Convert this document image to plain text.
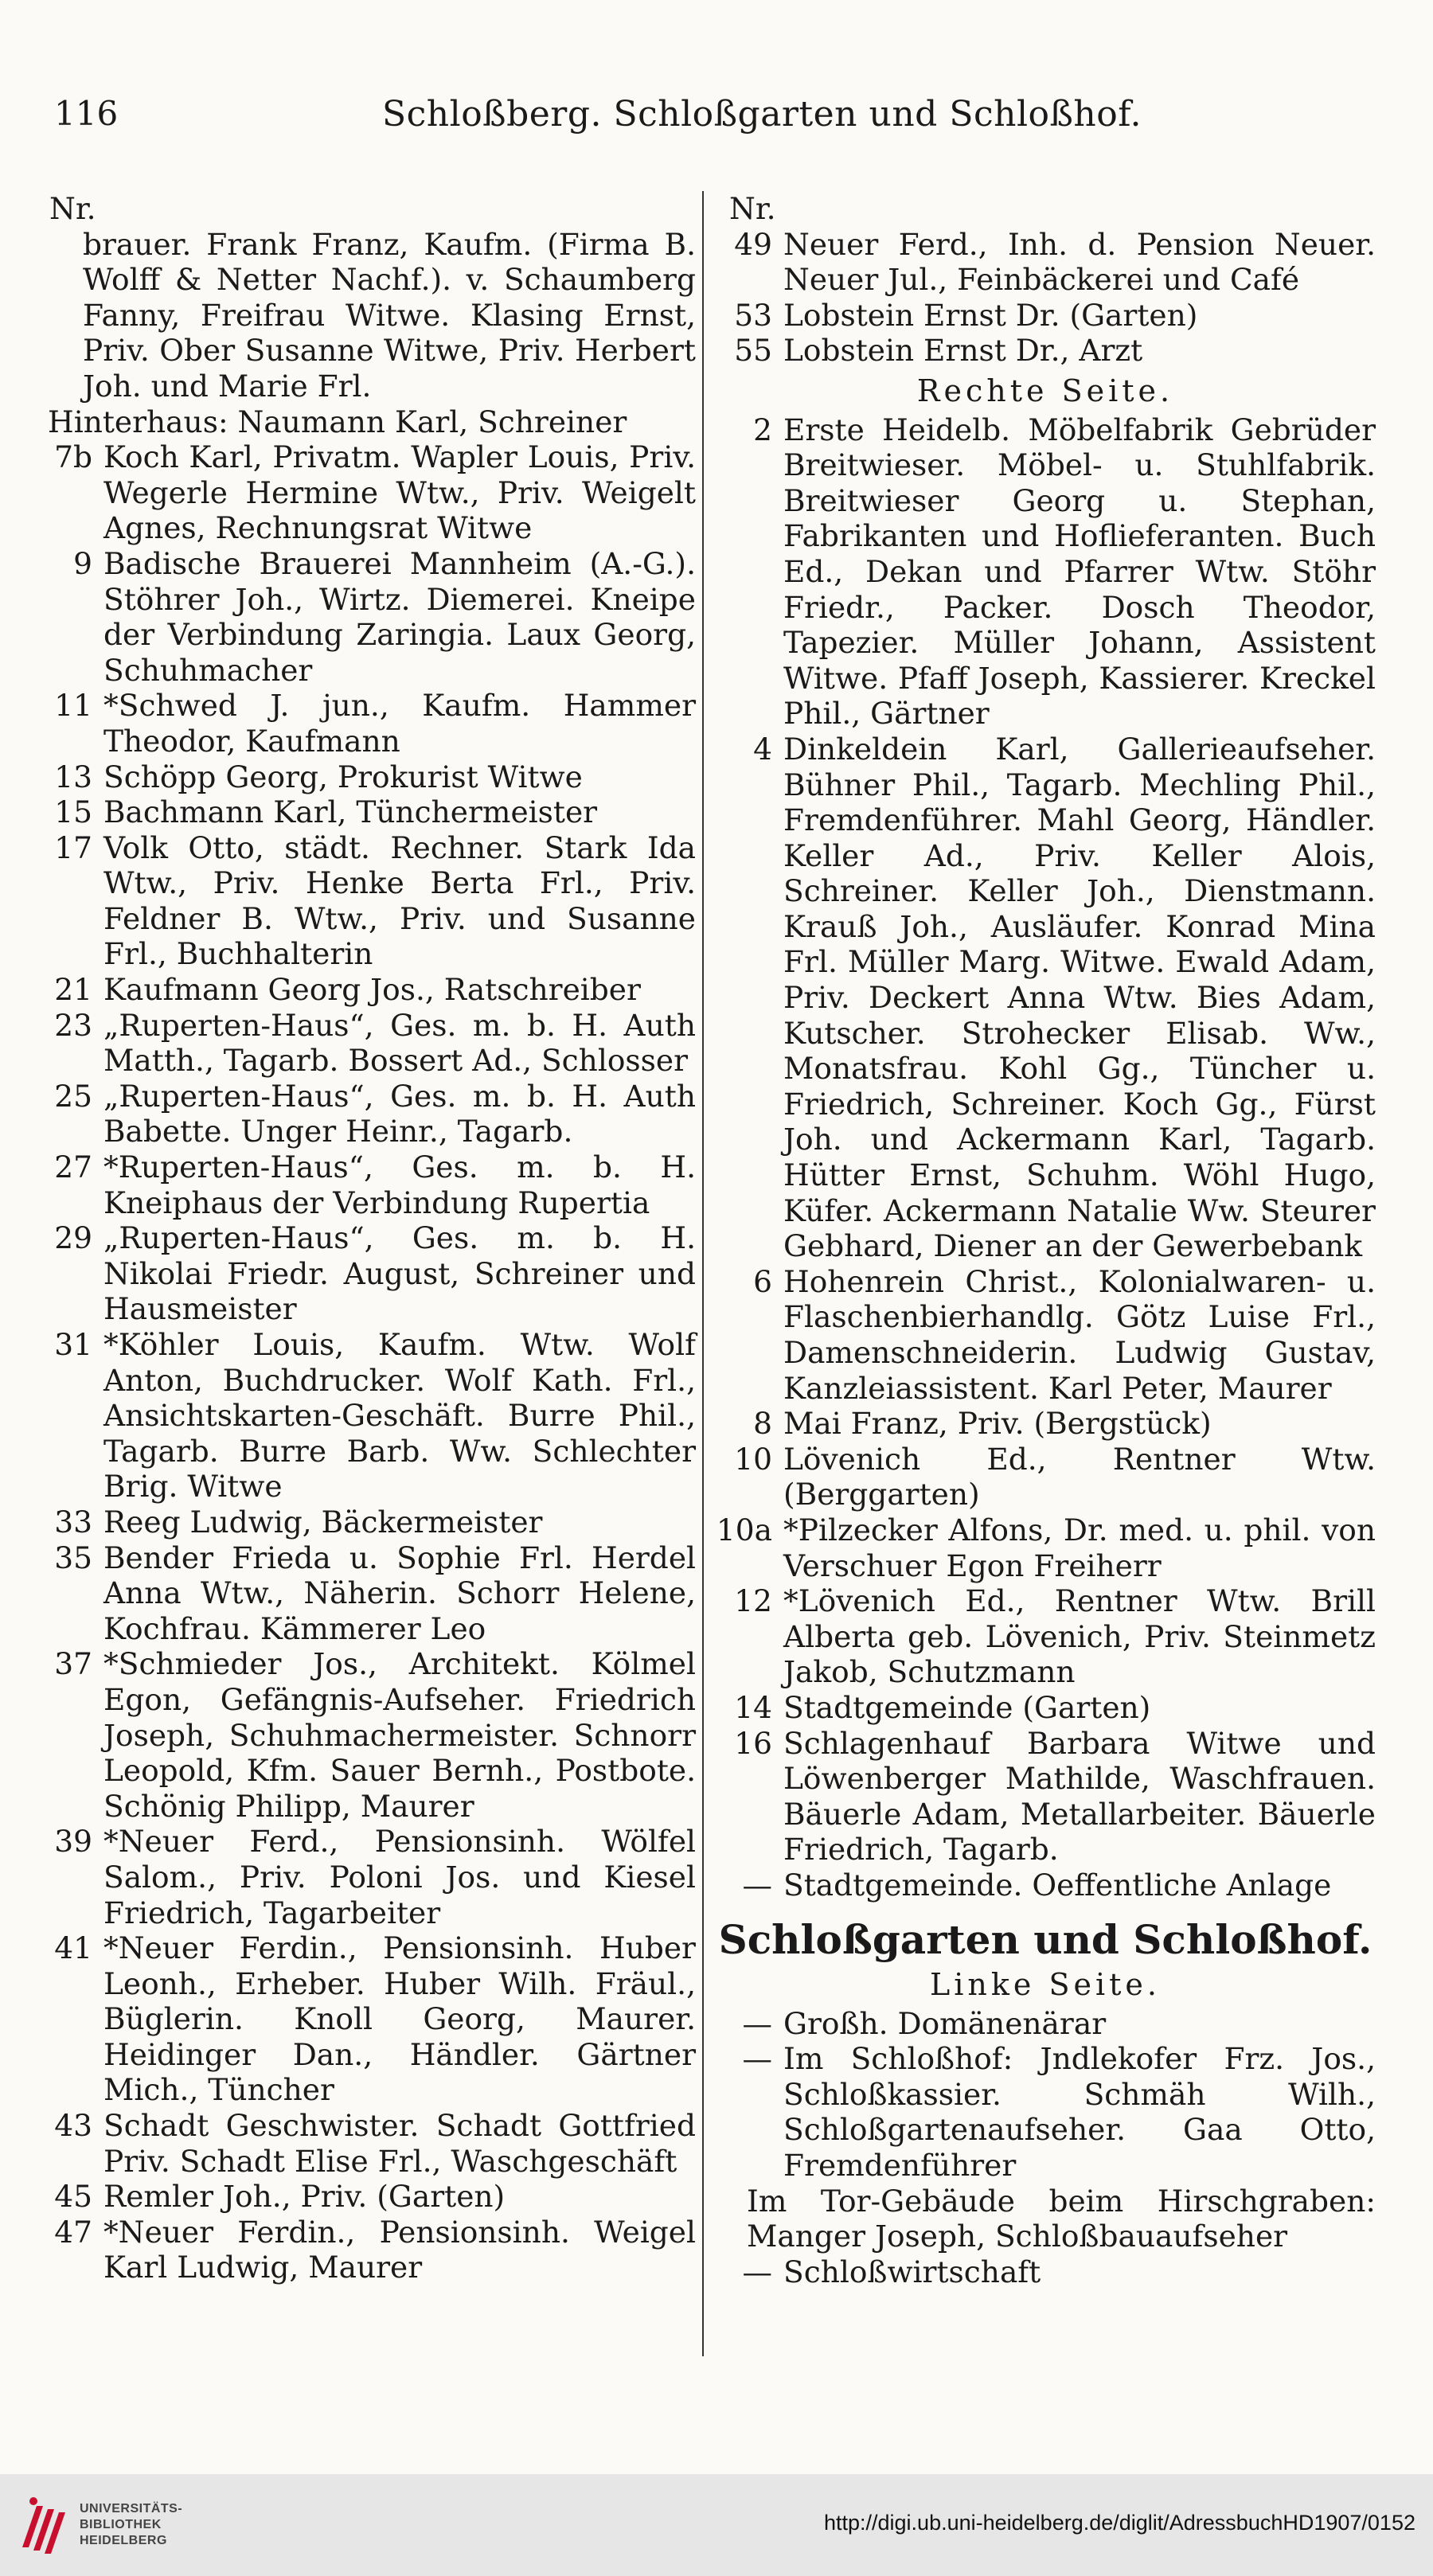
116	Schloßberg. Schloßgarten und Schloßhof.
Nr.
brauer. Frank Franz, Kaufm. (Firma B. Wolff & Netter Nachf.). v. Schaumberg Fanny, Freifrau Witwe. Klasing Ernst, Priv. Ober Susanne Witwe, Priv. Herbert Joh. und Marie Frl.
Hinterhaus: Naumann Karl, Schreiner
7b Koch Karl, Privatm. Wapler Louis, Priv. Wegerle Hermine Wtw., Priv. Weigelt Agnes, Rechnungsrat Witwe
9 Badische Brauerei Mannheim (A.-G.). Stöhrer Joh., Wirtz. Diemerei. Kneipe der Verbindung Zaringia. Laux Georg, Schuhmacher
11 *Schwed J. jun., Kaufm. Hammer Theodor, Kaufmann
13 Schöpp Georg, Prokurist Witwe
15 Bachmann Karl, Tünchermeister
17 Volk Otto, städt. Rechner. Stark Ida Wtw., Priv. Henke Berta Frl., Priv. Feldner B. Wtw., Priv. und Susanne Frl., Buchhalterin
21 Kaufmann Georg Jos., Ratschreiber
23 „Ruperten-Haus“, Ges. m. b. H. Auth Matth., Tagarb. Bossert Ad., Schlosser
25 „Ruperten-Haus“, Ges. m. b. H. Auth Babette. Unger Heinr., Tagarb.
27 *Ruperten-Haus“, Ges. m. b. H. Kneiphaus der Verbindung Rupertia
29 „Ruperten-Haus“, Ges. m. b. H. Nikolai Friedr. August, Schreiner und Hausmeister
31 *Köhler Louis, Kaufm. Wtw. Wolf Anton, Buchdrucker. Wolf Kath. Frl., Ansichtskarten-Geschäft. Burre Phil., Tagarb. Burre Barb. Ww. Schlechter Brig. Witwe
33 Reeg Ludwig, Bäckermeister
35 Bender Frieda u. Sophie Frl. Herdel Anna Wtw., Näherin. Schorr Helene, Kochfrau. Kämmerer Leo
37 *Schmieder Jos., Architekt. Kölmel Egon, Gefängnis-Aufseher. Friedrich Joseph, Schuhmachermeister. Schnorr Leopold, Kfm. Sauer Bernh., Postbote. Schönig Philipp, Maurer
39 *Neuer Ferd., Pensionsinh. Wölfel Salom., Priv. Poloni Jos. und Kiesel Friedrich, Tagarbeiter
41 *Neuer Ferdin., Pensionsinh. Huber Leonh., Erheber. Huber Wilh. Fräul., Büglerin. Knoll Georg, Maurer. Heidinger Dan., Händler. Gärtner Mich., Tüncher
43 Schadt Geschwister. Schadt Gottfried Priv. Schadt Elise Frl., Waschgeschäft
45 Remler Joh., Priv. (Garten)
47 *Neuer Ferdin., Pensionsinh. Weigel Karl Ludwig, Maurer
Nr.
49 Neuer Ferd., Inh. d. Pension Neuer. Neuer Jul., Feinbäckerei und Café
53 Lobstein Ernst Dr. (Garten)
55 Lobstein Ernst Dr., Arzt
Rechte Seite.
2 Erste Heidelb. Möbelfabrik Gebrüder Breitwieser. Möbel- u. Stuhlfabrik. Breitwieser Georg u. Stephan, Fabrikanten und Hoflieferanten. Buch Ed., Dekan und Pfarrer Wtw. Stöhr Friedr., Packer. Dosch Theodor, Tapezier. Müller Johann, Assistent Witwe. Pfaff Joseph, Kassierer. Kreckel Phil., Gärtner
4 Dinkeldein Karl, Gallerieaufseher. Bühner Phil., Tagarb. Mechling Phil., Fremdenführer. Mahl Georg, Händler. Keller Ad., Priv. Keller Alois, Schreiner. Keller Joh., Dienstmann. Krauß Joh., Ausläufer. Konrad Mina Frl. Müller Marg. Witwe. Ewald Adam, Priv. Deckert Anna Wtw. Bies Adam, Kutscher. Strohecker Elisab. Ww., Monatsfrau. Kohl Gg., Tüncher u. Friedrich, Schreiner. Koch Gg., Fürst Joh. und Ackermann Karl, Tagarb. Hütter Ernst, Schuhm. Wöhl Hugo, Küfer. Ackermann Natalie Ww. Steurer Gebhard, Diener an der Gewerbebank
6 Hohenrein Christ., Kolonialwaren- u. Flaschenbierhandlg. Götz Luise Frl., Damenschneiderin. Ludwig Gustav, Kanzleiassistent. Karl Peter, Maurer
8 Mai Franz, Priv. (Bergstück)
10 Lövenich Ed., Rentner Wtw. (Berggarten)
10a *Pilzecker Alfons, Dr. med. u. phil. von Verschuer Egon Freiherr
12 *Lövenich Ed., Rentner Wtw. Brill Alberta geb. Lövenich, Priv. Steinmetz Jakob, Schutzmann
14 Stadtgemeinde (Garten)
16 Schlagenhauf Barbara Witwe und Löwenberger Mathilde, Waschfrauen. Bäuerle Adam, Metallarbeiter. Bäuerle Friedrich, Tagarb.
— Stadtgemeinde. Oeffentliche Anlage
Schloßgarten und Schloßhof.
Linke Seite.
— Großh. Domänenärar
— Im Schloßhof: Jndlekofer Frz. Jos., Schloßkassier. Schmäh Wilh., Schloßgartenaufseher. Gaa Otto, Fremdenführer
Im Tor-Gebäude beim Hirschgraben: Manger Joseph, Schloßbauaufseher
— Schloßwirtschaft
UNIVERSITÄTS-
BIBLIOTHEK
HEIDELBERG
http://digi.ub.uni-heidelberg.de/diglit/AdressbuchHD1907/0152
